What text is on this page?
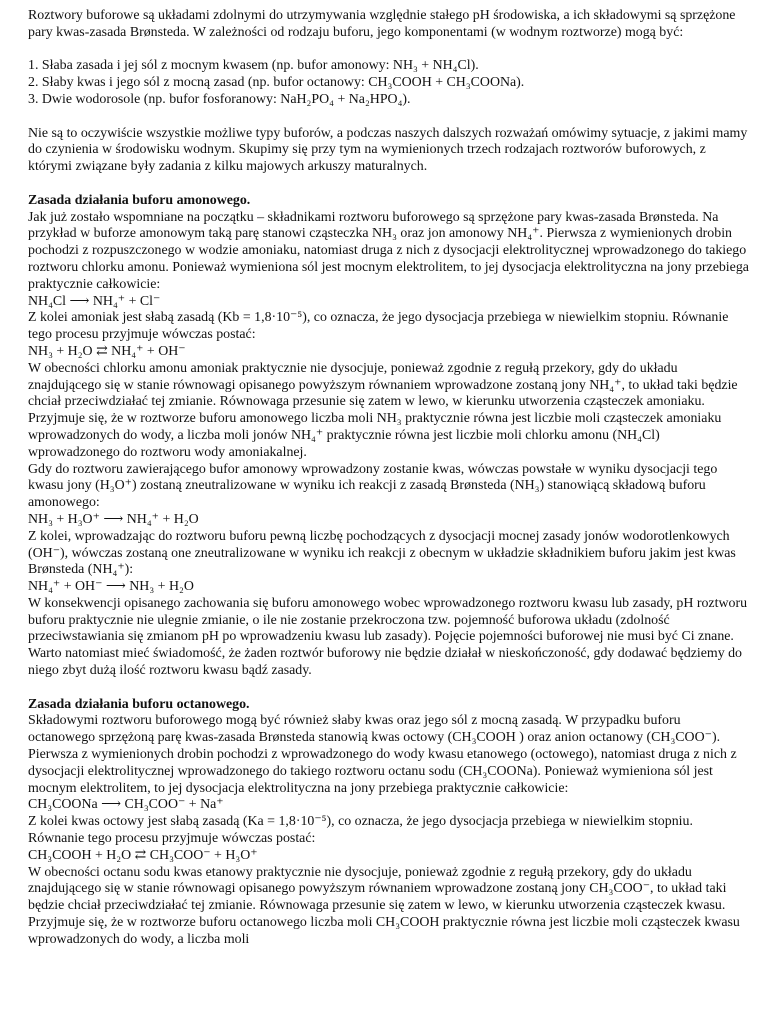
Roztwory buforowe są układami zdolnymi do utrzymywania względnie stałego pH środowiska, a ich składowymi są sprzężone pary kwas-zasada Brønsteda. W zależności od rodzaju buforu, jego komponentami (w wodnym roztworze) mogą być:

1. Słaba zasada i jej sól z mocnym kwasem (np. bufor amonowy: NH₃ + NH₄Cl).

2. Słaby kwas i jego sól z mocną zasad (np. bufor octanowy: CH₃COOH + CH₃COONa).

3. Dwie wodorosole (np. bufor fosforanowy: NaH₂PO₄ + Na₂HPO₄).

Nie są to oczywiście wszystkie możliwe typy buforów, a podczas naszych dalszych rozważań omówimy sytuacje, z jakimi mamy do czynienia w środowisku wodnym. Skupimy się przy tym na wymienionych trzech rodzajach roztworów buforowych, z którymi związane były zadania z kilku majowych arkuszy maturalnych.

Zasada działania buforu amonowego.

Jak już zostało wspomniane na początku – składnikami roztworu buforowego są sprzężone pary kwas-zasada Brønsteda. Na przykład w buforze amonowym taką parę stanowi cząsteczka NH₃ oraz jon amonowy NH₄⁺. Pierwsza z wymienionych drobin pochodzi z rozpuszczonego w wodzie amoniaku, natomiast druga z nich z dysocjacji elektrolitycznej wprowadzonego do takiego roztworu chlorku amonu. Ponieważ wymieniona sól jest mocnym elektrolitem, to jej dysocjacja elektrolityczna na jony przebiega praktycznie całkowicie:

NH₄Cl ⟶ NH₄⁺ + Cl⁻

Z kolei amoniak jest słabą zasadą (Kb = 1,8·10⁻⁵), co oznacza, że jego dysocjacja przebiega w niewielkim stopniu. Równanie tego procesu przyjmuje wówczas postać:

NH₃ + H₂O ⇄ NH₄⁺ + OH⁻

W obecności chlorku amonu amoniak praktycznie nie dysocjuje, ponieważ zgodnie z regułą przekory, gdy do układu znajdującego się w stanie równowagi opisanego powyższym równaniem wprowadzone zostaną jony NH₄⁺, to układ taki będzie chciał przeciwdziałać tej zmianie. Równowaga przesunie się zatem w lewo, w kierunku utworzenia cząsteczek amoniaku. Przyjmuje się, że w roztworze buforu amonowego liczba moli NH₃ praktycznie równa jest liczbie moli cząsteczek amoniaku wprowadzonych do wody, a liczba moli jonów NH₄⁺ praktycznie równa jest liczbie moli chlorku amonu (NH₄Cl) wprowadzonego do roztworu wody amoniakalnej.

Gdy do roztworu zawierającego bufor amonowy wprowadzony zostanie kwas, wówczas powstałe w wyniku dysocjacji tego kwasu jony (H₃O⁺) zostaną zneutralizowane w wyniku ich reakcji z zasadą Brønsteda (NH₃) stanowiącą składową buforu amonowego:

NH₃ + H₃O⁺ ⟶ NH₄⁺ + H₂O

Z kolei, wprowadzając do roztworu buforu pewną liczbę pochodzących z dysocjacji mocnej zasady jonów wodorotlenkowych (OH⁻), wówczas zostaną one zneutralizowane w wyniku ich reakcji z obecnym w układzie składnikiem buforu jakim jest kwas Brønsteda (NH₄⁺):

NH₄⁺ + OH⁻ ⟶ NH₃ + H₂O

W konsekwencji opisanego zachowania się buforu amonowego wobec wprowadzonego roztworu kwasu lub zasady, pH roztworu buforu praktycznie nie ulegnie zmianie, o ile nie zostanie przekroczona tzw. pojemność buforowa układu (zdolność przeciwstawiania się zmianom pH po wprowadzeniu kwasu lub zasady). Pojęcie pojemności buforowej nie musi być Ci znane. Warto natomiast mieć świadomość, że żaden roztwór buforowy nie będzie działał w nieskończoność, gdy dodawać będziemy do niego zbyt dużą ilość roztworu kwasu bądź zasady.

Zasada działania buforu octanowego.

Składowymi roztworu buforowego mogą być również słaby kwas oraz jego sól z mocną zasadą. W przypadku buforu octanowego sprzężoną parę kwas-zasada Brønsteda stanowią kwas octowy (CH₃COOH ) oraz anion octanowy (CH₃COO⁻). Pierwsza z wymienionych drobin pochodzi z wprowadzonego do wody kwasu etanowego (octowego), natomiast druga z nich z dysocjacji elektrolitycznej wprowadzonego do takiego roztworu octanu sodu (CH₃COONa). Ponieważ wymieniona sól jest mocnym elektrolitem, to jej dysocjacja elektrolityczna na jony przebiega praktycznie całkowicie:

CH₃COONa ⟶ CH₃COO⁻ + Na⁺

Z kolei kwas octowy jest słabą zasadą (Ka = 1,8·10⁻⁵), co oznacza, że jego dysocjacja przebiega w niewielkim stopniu. Równanie tego procesu przyjmuje wówczas postać:

CH₃COOH + H₂O ⇄ CH₃COO⁻ + H₃O⁺

W obecności octanu sodu kwas etanowy praktycznie nie dysocjuje, ponieważ zgodnie z regułą przekory, gdy do układu znajdującego się w stanie równowagi opisanego powyższym równaniem wprowadzone zostaną jony CH₃COO⁻, to układ taki będzie chciał przeciwdziałać tej zmianie. Równowaga przesunie się zatem w lewo, w kierunku utworzenia cząsteczek kwasu. Przyjmuje się, że w roztworze buforu octanowego liczba moli CH₃COOH praktycznie równa jest liczbie moli cząsteczek kwasu wprowadzonych do wody, a liczba moli
